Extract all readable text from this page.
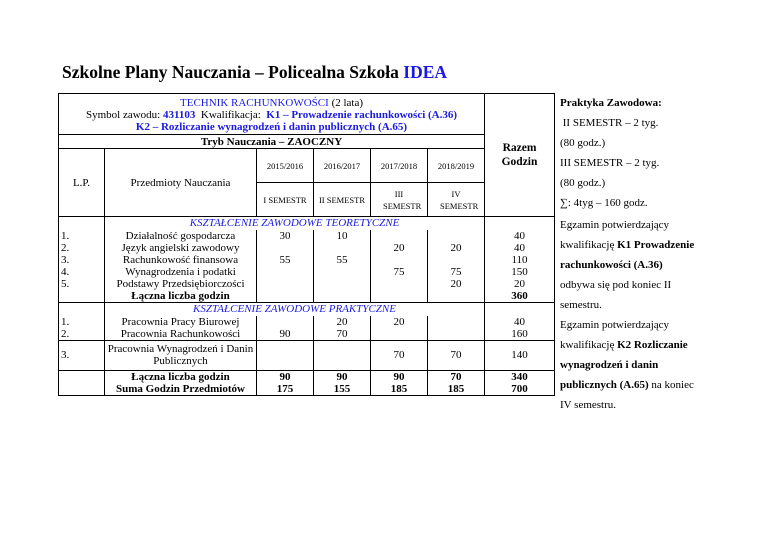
Szkolne Plany Nauczania – Policealna Szkoła IDEA
TECHNIK RACHUNKOWOŚCI (2 lata)
Symbol zawodu: 431103  Kwalifikacja:  K1 – Prowadzenie rachunkowości (A.36)
K2 – Rozliczanie wynagrodzeń i danin publicznych (A.65)						Razem Godzin

Tryb Nauczania – ZAOCZNY						
L.P.	Przedmioty Nauczania	2015/2016	2016/2017	2017/2018	2018/2019	
		I SEMESTR	II SEMESTR	III SEMESTR	IV SEMESTR	

	KSZTAŁCENIE ZAWODOWE TEORETYCZNE					
1.	Działalność gospodarcza	30	10			40
2.	Język angielski zawodowy			20	20	40
3.	Rachunkowość finansowa	55	55			110
4.	Wynagrodzenia i podatki			75	75	150
5.	Podstawy Przedsiębiorczości				20	20
	Łączna liczba godzin					360
	KSZTAŁCENIE ZAWODOWE PRAKTYCZNE					
1.	Pracownia Pracy Biurowej		20	20		40
2.	Pracownia Rachunkowości	90	70			160
3.	Pracownia Wynagrodzeń i Danin Publicznych			70	70	140
	Łączna liczba godzin	90	90	90	70	340
	Suma Godzin Przedmiotów	175	155	185	185	700

Praktyka Zawodowa:

II SEMESTR – 2 tyg.

(80 godz.)

III SEMESTR – 2 tyg.

(80 godz.)

∑: 4tyg – 160 godz.

Egzamin potwierdzający kwalifikację K1 Prowadzenie rachunkowości (A.36) odbywa się pod koniec II semestru.

Egzamin potwierdzający kwalifikację K2 Rozliczanie wynagrodzeń i danin publicznych (A.65) na koniec IV semestru.
